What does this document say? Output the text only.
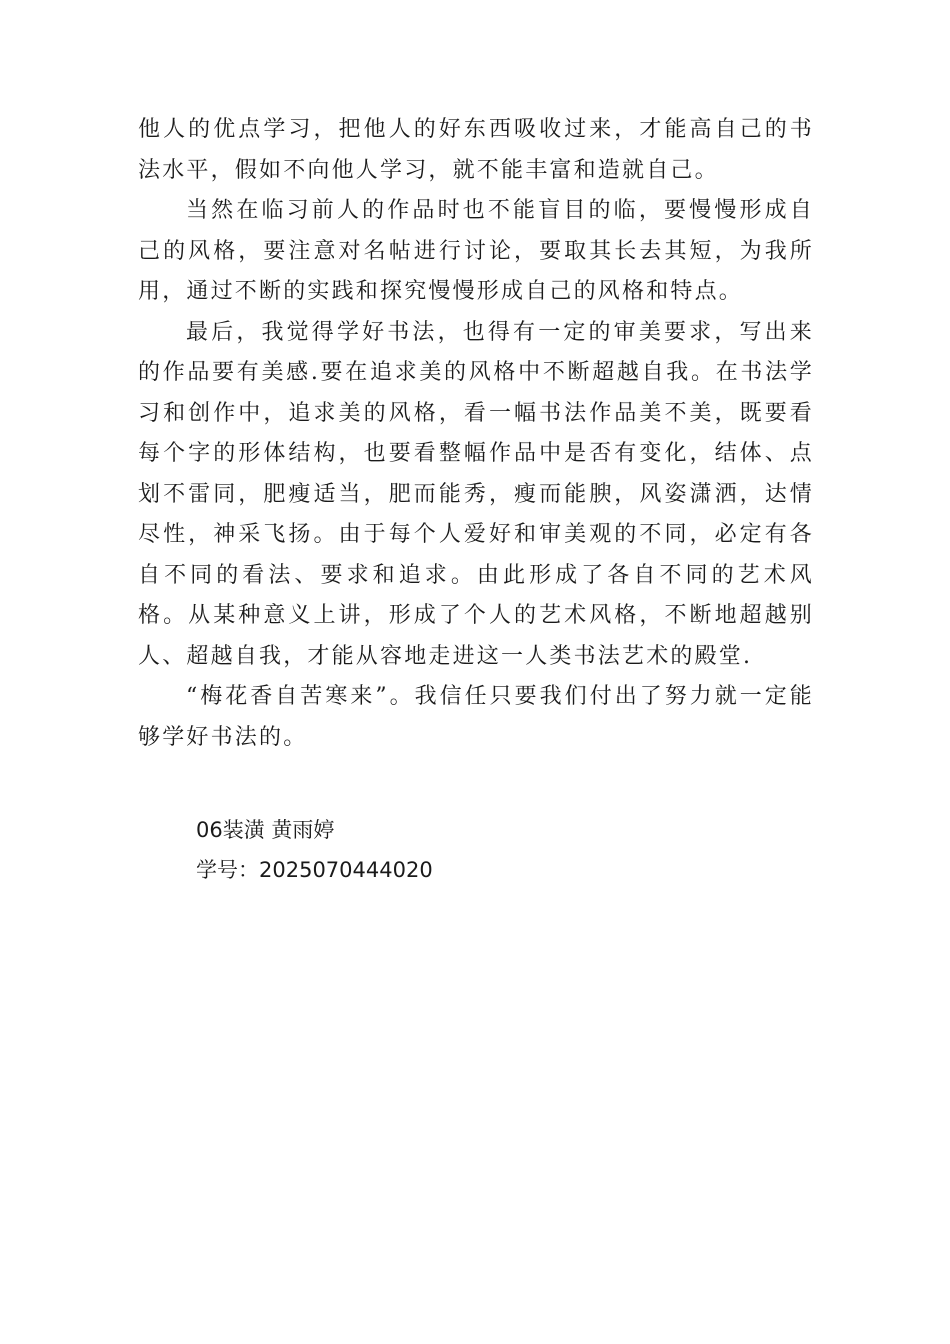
他人的优点学习，把他人的好东西吸收过来，才能高自己的书法水平，假如不向他人学习，就不能丰富和造就自己。

当然在临习前人的作品时也不能盲目的临，要慢慢形成自己的风格，要注意对名帖进行讨论，要取其长去其短，为我所用，通过不断的实践和探究慢慢形成自己的风格和特点。

最后，我觉得学好书法，也得有一定的审美要求，写出来的作品要有美感.要在追求美的风格中不断超越自我。在书法学习和创作中，追求美的风格，看一幅书法作品美不美，既要看每个字的形体结构，也要看整幅作品中是否有变化，结体、点划不雷同，肥瘦适当，肥而能秀，瘦而能腴，风姿潇洒，达情尽性，神采飞扬。由于每个人爱好和审美观的不同，必定有各自不同的看法、要求和追求。由此形成了各自不同的艺术风格。从某种意义上讲，形成了个人的艺术风格，不断地超越别人、超越自我，才能从容地走进这一人类书法艺术的殿堂.

“梅花香自苦寒来”。我信任只要我们付出了努力就一定能够学好书法的。

06装潢 黄雨婷
学号：2025070444020
